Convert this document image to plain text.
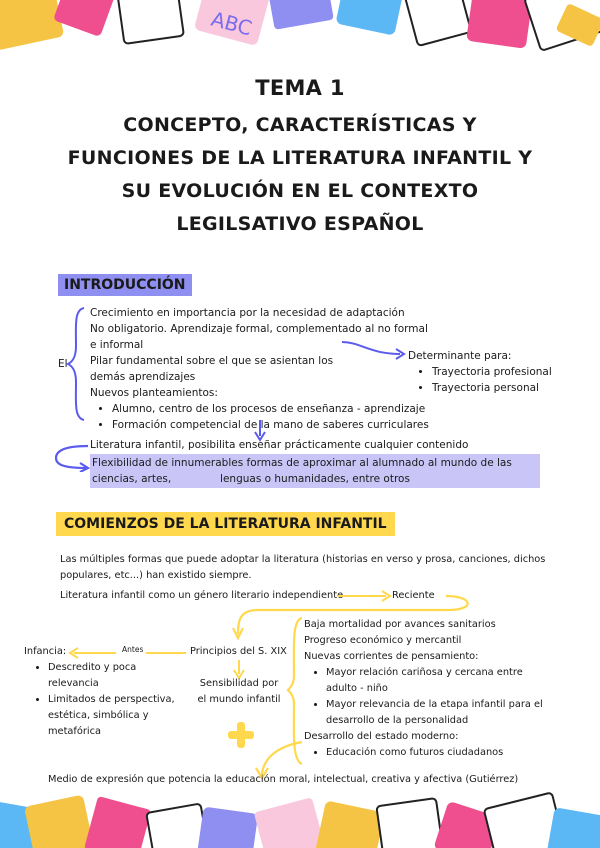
ABC
TEMA 1
CONCEPTO, CARACTERÍSTICAS Y
FUNCIONES DE LA LITERATURA INFANTIL Y
SU EVOLUCIÓN EN EL CONTEXTO
LEGILSATIVO ESPAÑOL
INTRODUCCIÓN
El
Crecimiento en importancia por la necesidad de adaptación
No obligatorio. Aprendizaje formal, complementado al no formal e informal
Pilar fundamental sobre el que se asientan los demás aprendizajes
Nuevos planteamientos:
• Alumno, centro de los procesos de enseñanza - aprendizaje
• Formación competencial de la mano de saberes curriculares
Determinante para:
• Trayectoria profesional
• Trayectoria personal
Literatura infantil, posibilita enseñar prácticamente cualquier contenido
Flexibilidad de innumerables formas de aproximar al alumnado al mundo de las ciencias, artes,	lenguas o humanidades, entre otros
COMIENZOS DE LA LITERATURA INFANTIL
Las múltiples formas que puede adoptar la literatura (historias en verso y prosa, canciones, dichos
populares, etc...) han existido siempre.
Literatura infantil como un género literario independiente	Reciente
Infancia:	Antes
• Descredito y poca relevancia
• Limitados de perspectiva, estética, simbólica y metafórica
Principios del S. XIX
Sensibilidad por el mundo infantil
Baja mortalidad por avances sanitarios
Progreso económico y mercantil
Nuevas corrientes de pensamiento:
• Mayor relación cariñosa y cercana entre adulto - niño
• Mayor relevancia de la etapa infantil para el desarrollo de la personalidad
Desarrollo del estado moderno:
• Educación como futuros ciudadanos
Medio de expresión que potencia la educación moral, intelectual, creativa y afectiva (Gutiérrez)
